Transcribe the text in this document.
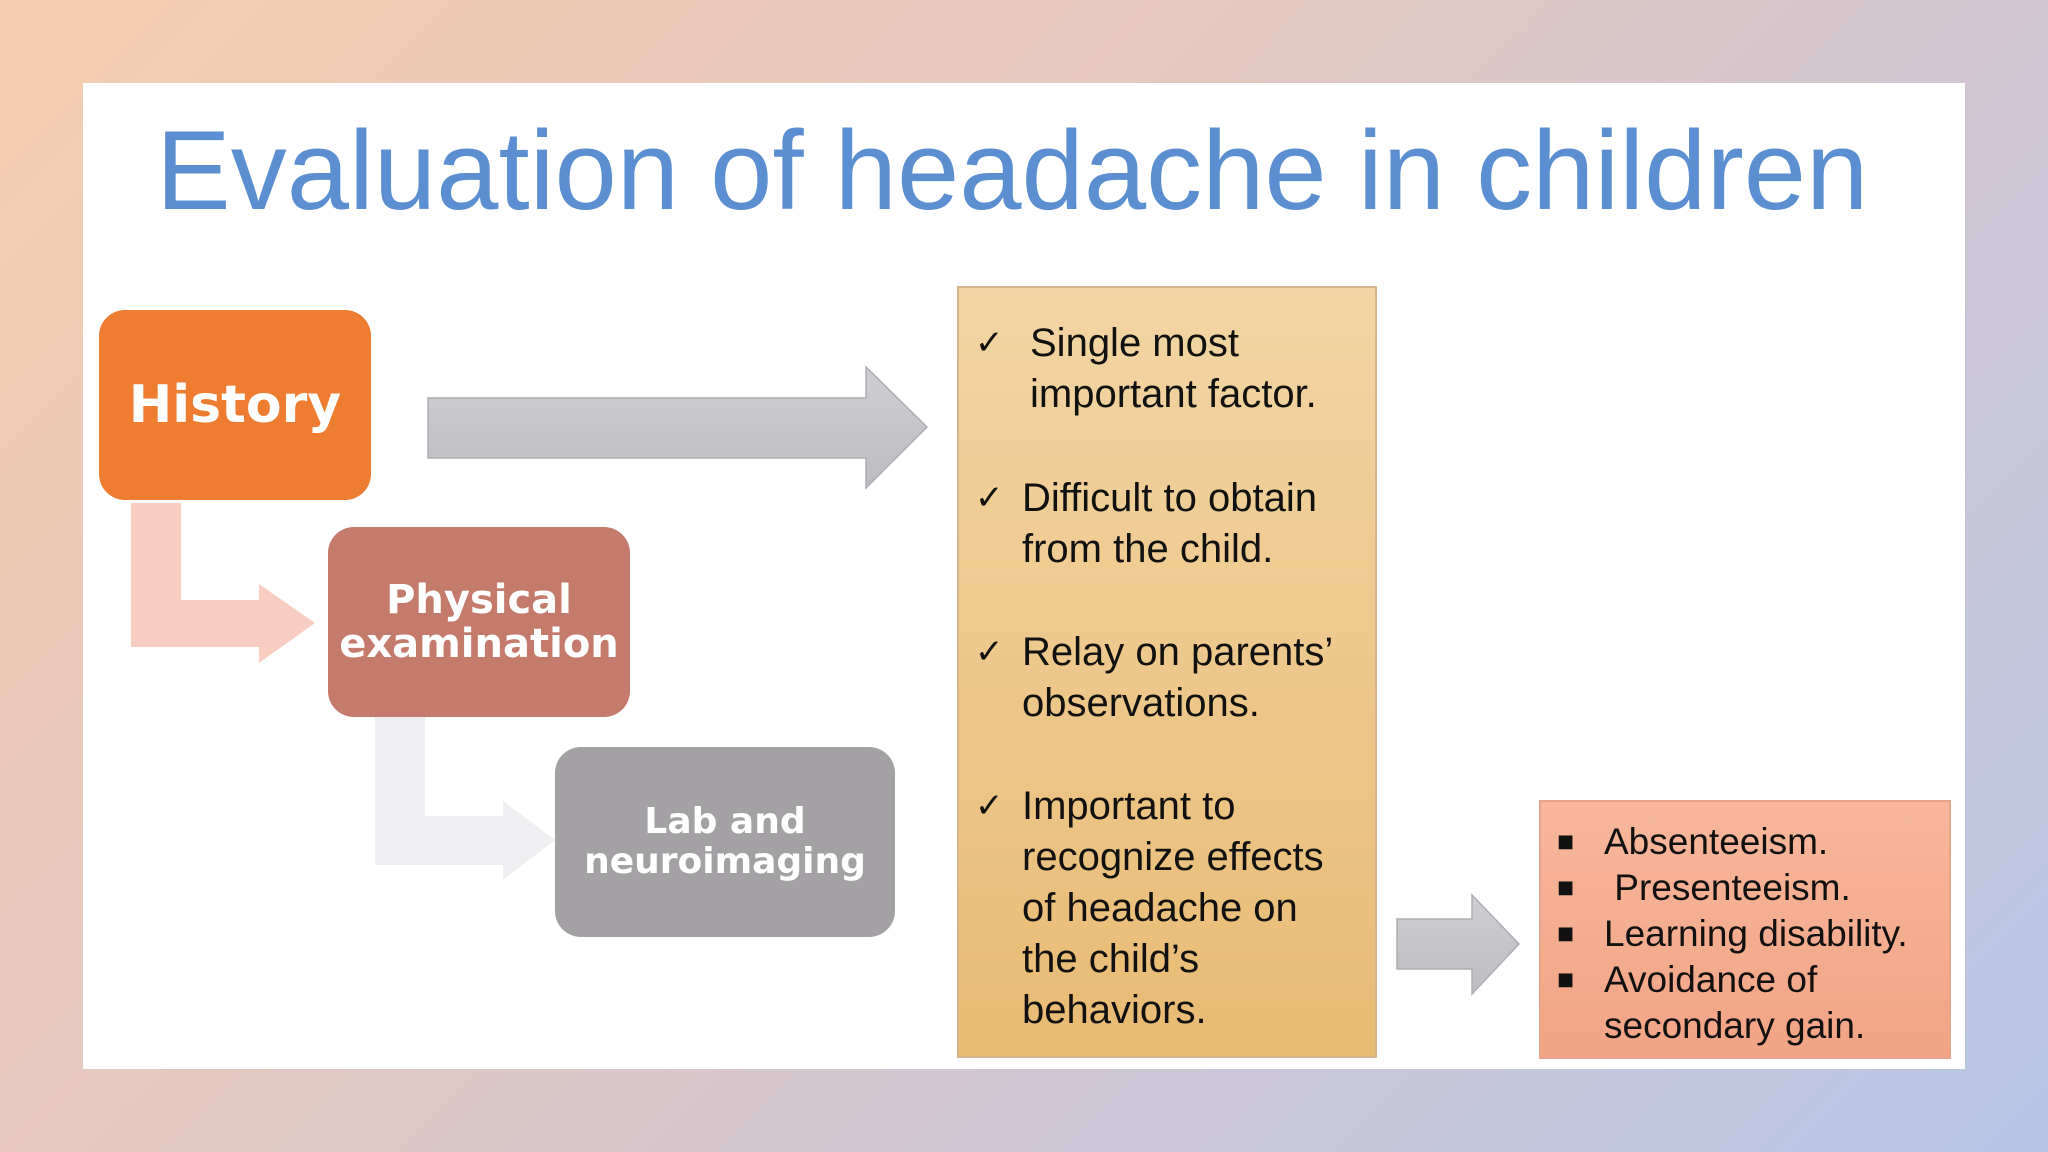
Evaluation of headache in children
History
Physical
examination
Lab and
neuroimaging
✓ Single most important factor.
✓ Difficult to obtain from the child.
✓ Relay on parents’ observations.
✓ Important to recognize effects of headache on the child’s behaviors.
■ Absenteeism.
■ Presenteeism.
■ Learning disability.
■ Avoidance of secondary gain.
